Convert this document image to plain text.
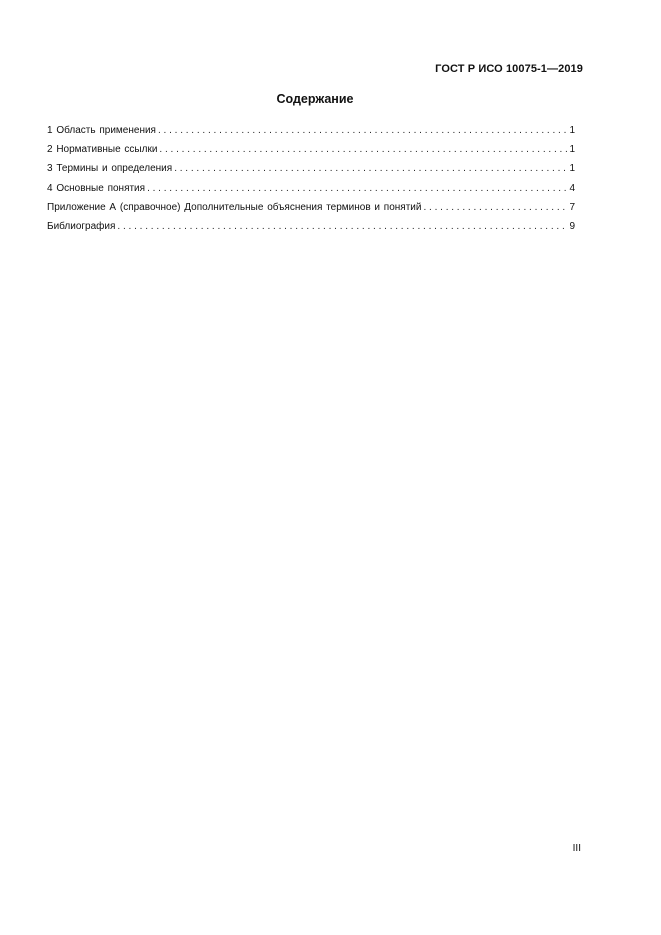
ГОСТ Р ИСО 10075-1—2019
Содержание
1 Область применения . . .	1
2 Нормативные ссылки . . .	1
3 Термины и определения . . .	1
4 Основные понятия . . .	4
Приложение А (справочное) Дополнительные объяснения терминов и понятий . . .	7
Библиография . . .	9
III
